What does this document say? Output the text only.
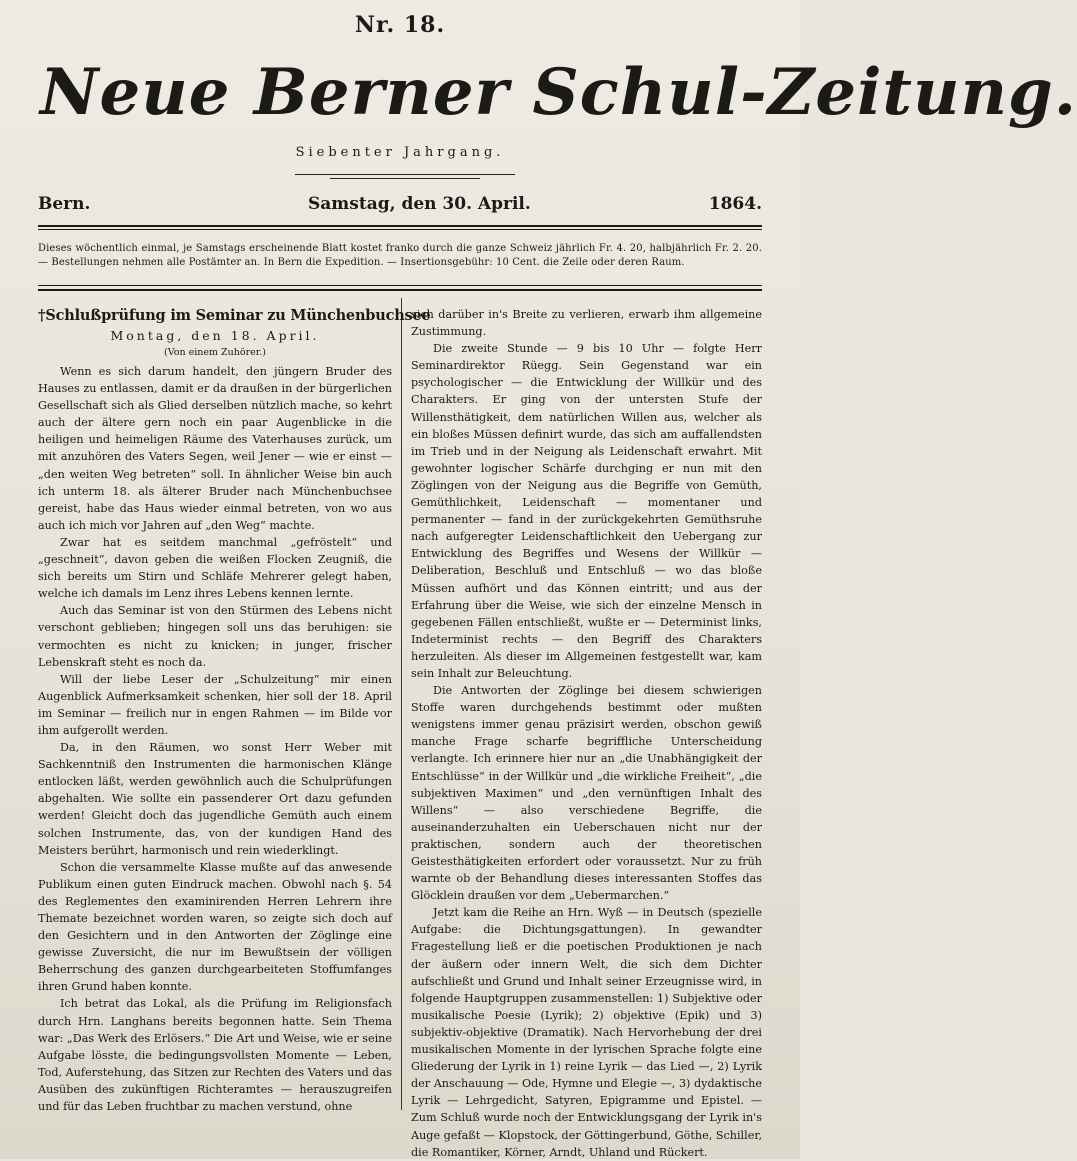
Nr. 18.
Neue Berner Schul-Zeitung.
Siebenter Jahrgang.
Bern.	Samstag, den 30. April.	1864.
Dieses wöchentlich einmal, je Samstags erscheinende Blatt kostet franko durch die ganze Schweiz jährlich Fr. 4. 20, halbjährlich Fr. 2. 20. — Bestellungen nehmen alle Postämter an. In Bern die Expedition. — Insertionsgebühr: 10 Cent. die Zeile oder deren Raum.
†Schlußprüfung im Seminar zu Münchenbuchsee
Montag, den 18. April.
(Von einem Zuhörer.)

Wenn es sich darum handelt, den jüngern Bruder des Hauses zu entlassen, damit er da draußen in der bürgerlichen Gesellschaft sich als Glied derselben nützlich mache, so kehrt auch der ältere gern noch ein paar Augenblicke in die heiligen und heimeligen Räume des Vaterhauses zurück, um mit anzuhören des Vaters Segen, weil Jener — wie er einst — „den weiten Weg betreten“ soll. In ähnlicher Weise bin auch ich unterm 18. als älterer Bruder nach Münchenbuchsee gereist, habe das Haus wieder einmal betreten, von wo aus auch ich mich vor Jahren auf „den Weg“ machte.

Zwar hat es seitdem manchmal „gefröstelt“ und „geschneit“, davon geben die weißen Flocken Zeugniß, die sich bereits um Stirn und Schläfe Mehrerer gelegt haben, welche ich damals im Lenz ihres Lebens kennen lernte.

Auch das Seminar ist von den Stürmen des Lebens nicht verschont geblieben; hingegen soll uns das beruhigen: sie vermochten es nicht zu knicken; in junger, frischer Lebenskraft steht es noch da.

Will der liebe Leser der „Schulzeitung“ mir einen Augenblick Aufmerksamkeit schenken, hier soll der 18. April im Seminar — freilich nur in engen Rahmen — im Bilde vor ihm aufgerollt werden.

Da, in den Räumen, wo sonst Herr Weber mit Sachkenntniß den Instrumenten die harmonischen Klänge entlocken läßt, werden gewöhnlich auch die Schulprüfungen abgehalten. Wie sollte ein passenderer Ort dazu gefunden werden! Gleicht doch das jugendliche Gemüth auch einem solchen Instrumente, das, von der kundigen Hand des Meisters berührt, harmonisch und rein wiederklingt.

Schon die versammelte Klasse mußte auf das anwesende Publikum einen guten Eindruck machen. Obwohl nach §. 54 des Reglementes den examinirenden Herren Lehrern ihre Themate bezeichnet worden waren, so zeigte sich doch auf den Gesichtern und in den Antworten der Zöglinge eine gewisse Zuversicht, die nur im Bewußtsein der völligen Beherrschung des ganzen durchgearbeiteten Stoffumfanges ihren Grund haben konnte.

Ich betrat das Lokal, als die Prüfung im Religionsfach durch Hrn. Langhans bereits begonnen hatte. Sein Thema war: „Das Werk des Erlösers.“ Die Art und Weise, wie er seine Aufgabe lösste, die bedingungsvollsten Momente — Leben, Tod, Auferstehung, das Sitzen zur Rechten des Vaters und das Ausüben des zukünftigen Richteramtes — herauszugreifen und für das Leben fruchtbar zu machen verstund, ohne

sich darüber in's Breite zu verlieren, erwarb ihm allgemeine Zustimmung.

Die zweite Stunde — 9 bis 10 Uhr — folgte Herr Seminardirektor Rüegg. Sein Gegenstand war ein psychologischer — die Entwicklung der Willkür und des Charakters. Er ging von der untersten Stufe der Willensthätigkeit, dem natürlichen Willen aus, welcher als ein bloßes Müssen definirt wurde, das sich am auffallendsten im Trieb und in der Neigung als Leidenschaft erwahrt. Mit gewohnter logischer Schärfe durchging er nun mit den Zöglingen von der Neigung aus die Begriffe von Gemüth, Gemüthlichkeit, Leidenschaft — momentaner und permanenter — fand in der zurückgekehrten Gemüthsruhe nach aufgeregter Leidenschaftlichkeit den Uebergang zur Entwicklung des Begriffes und Wesens der Willkür — Deliberation, Beschluß und Entschluß — wo das bloße Müssen aufhört und das Können eintritt; und aus der Erfahrung über die Weise, wie sich der einzelne Mensch in gegebenen Fällen entschließt, wußte er — Determinist links, Indeterminist rechts — den Begriff des Charakters herzuleiten. Als dieser im Allgemeinen festgestellt war, kam sein Inhalt zur Beleuchtung.

Die Antworten der Zöglinge bei diesem schwierigen Stoffe waren durchgehends bestimmt oder mußten wenigstens immer genau präzisirt werden, obschon gewiß manche Frage scharfe begriffliche Unterscheidung verlangte. Ich erinnere hier nur an „die Unabhängigkeit der Entschlüsse“ in der Willkür und „die wirkliche Freiheit“, „die subjektiven Maximen“ und „den vernünftigen Inhalt des Willens“ — also verschiedene Begriffe, die auseinanderzuhalten ein Ueberschauen nicht nur der praktischen, sondern auch der theoretischen Geistesthätigkeiten erfordert oder voraussetzt. Nur zu früh warnte ob der Behandlung dieses interessanten Stoffes das Glöcklein draußen vor dem „Uebermarchen.“

Jetzt kam die Reihe an Hrn. Wyß — in Deutsch (spezielle Aufgabe: die Dichtungsgattungen). In gewandter Fragestellung ließ er die poetischen Produktionen je nach der äußern oder innern Welt, die sich dem Dichter aufschließt und Grund und Inhalt seiner Erzeugnisse wird, in folgende Hauptgruppen zusammenstellen: 1) Subjektive oder musikalische Poesie (Lyrik); 2) objektive (Epik) und 3) subjektiv-objektive (Dramatik). Nach Hervorhebung der drei musikalischen Momente in der lyrischen Sprache folgte eine Gliederung der Lyrik in 1) reine Lyrik — das Lied —, 2) Lyrik der Anschauung — Ode, Hymne und Elegie —, 3) dydaktische Lyrik — Lehrgedicht, Satyren, Epigramme und Epistel. — Zum Schluß wurde noch der Entwicklungsgang der Lyrik in's Auge gefaßt — Klopstock, der Göttingerbund, Göthe, Schiller, die Romantiker, Körner, Arndt, Uhland und Rückert.
